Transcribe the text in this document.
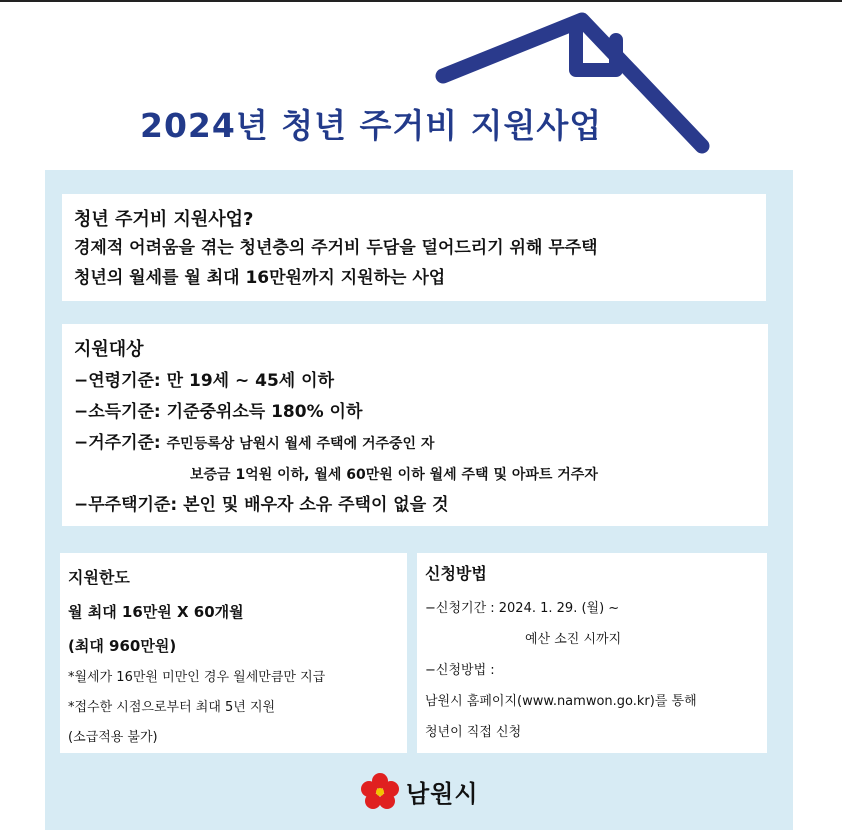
2024년 청년 주거비 지원사업
청년 주거비 지원사업?
경제적 어려움을 겪는 청년층의 주거비 두담을 덜어드리기 위해 무주택
청년의 월세를 월 최대 16만원까지 지원하는 사업
지원대상
−연령기준: 만 19세 ~ 45세 이하
−소득기준: 기준중위소득 180% 이하
−거주기준: 주민등록상 남원시 월세 주택에 거주중인 자
보증금 1억원 이하, 월세 60만원 이하 월세 주택 및 아파트 거주자
−무주택기준: 본인 및 배우자 소유 주택이 없을 것
지원한도
월 최대 16만원 X 60개월
(최대 960만원)
*월세가 16만원 미만인 경우 월세만큼만 지급
*접수한 시점으로부터 최대 5년 지원
(소급적용 불가)
신청방법
−신청기간 : 2024. 1. 29. (월) ~
예산 소진 시까지
−신청방법 :
남원시 홈페이지(www.namwon.go.kr)를 통해
청년이 직접 신청
남원시
